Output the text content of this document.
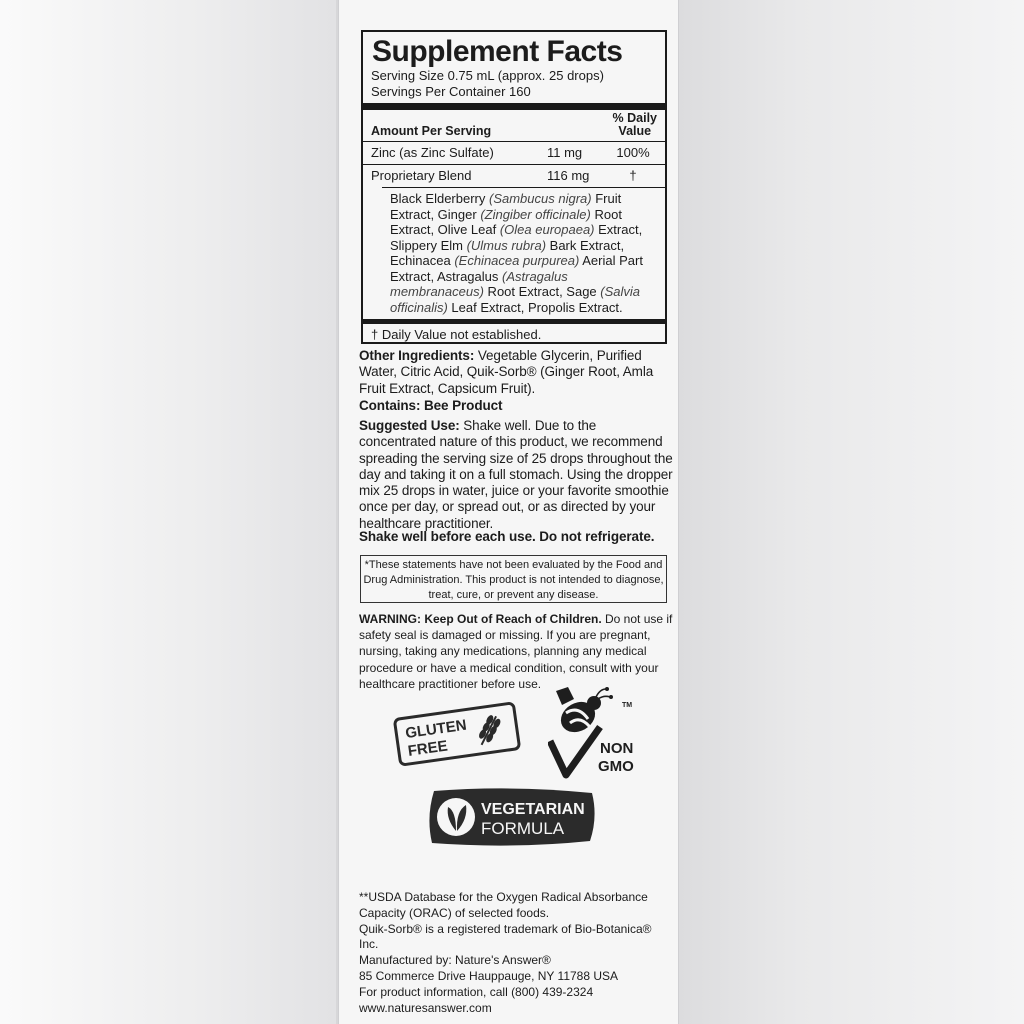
Supplement Facts
Serving Size 0.75 mL (approx. 25 drops)
Servings Per Container 160
Amount Per Serving
% Daily
Value
Zinc (as Zinc Sulfate)	11 mg	100%
Proprietary Blend	116 mg	†
Black Elderberry (Sambucus nigra) Fruit Extract, Ginger (Zingiber officinale) Root Extract, Olive Leaf (Olea europaea) Extract, Slippery Elm (Ulmus rubra) Bark Extract, Echinacea (Echinacea purpurea) Aerial Part Extract, Astragalus (Astragalus membranaceus) Root Extract, Sage (Salvia officinalis) Leaf Extract, Propolis Extract.
† Daily Value not established.
Other Ingredients: Vegetable Glycerin, Purified Water, Citric Acid, Quik-Sorb® (Ginger Root, Amla Fruit Extract, Capsicum Fruit).
Contains: Bee Product
Suggested Use: Shake well. Due to the concentrated nature of this product, we recommend spreading the serving size of 25 drops throughout the day and taking it on a full stomach. Using the dropper mix 25 drops in water, juice or your favorite smoothie once per day, or spread out, or as directed by your healthcare practitioner.
Shake well before each use. Do not refrigerate.
*These statements have not been evaluated by the Food and Drug Administration. This product is not intended to diagnose, treat, cure, or prevent any disease.
WARNING: Keep Out of Reach of Children. Do not use if safety seal is damaged or missing. If you are pregnant, nursing, taking any medications, planning any medical procedure or have a medical condition, consult with your healthcare practitioner before use.
GLUTEN
FREE	NON
GMO
TM
VEGETARIAN
FORMULA
**USDA Database for the Oxygen Radical Absorbance Capacity (ORAC) of selected foods.
Quik-Sorb® is a registered trademark of Bio-Botanica® Inc.
Manufactured by: Nature's Answer®
85 Commerce Drive Hauppauge, NY 11788 USA
For product information, call (800) 439-2324
www.naturesanswer.com
